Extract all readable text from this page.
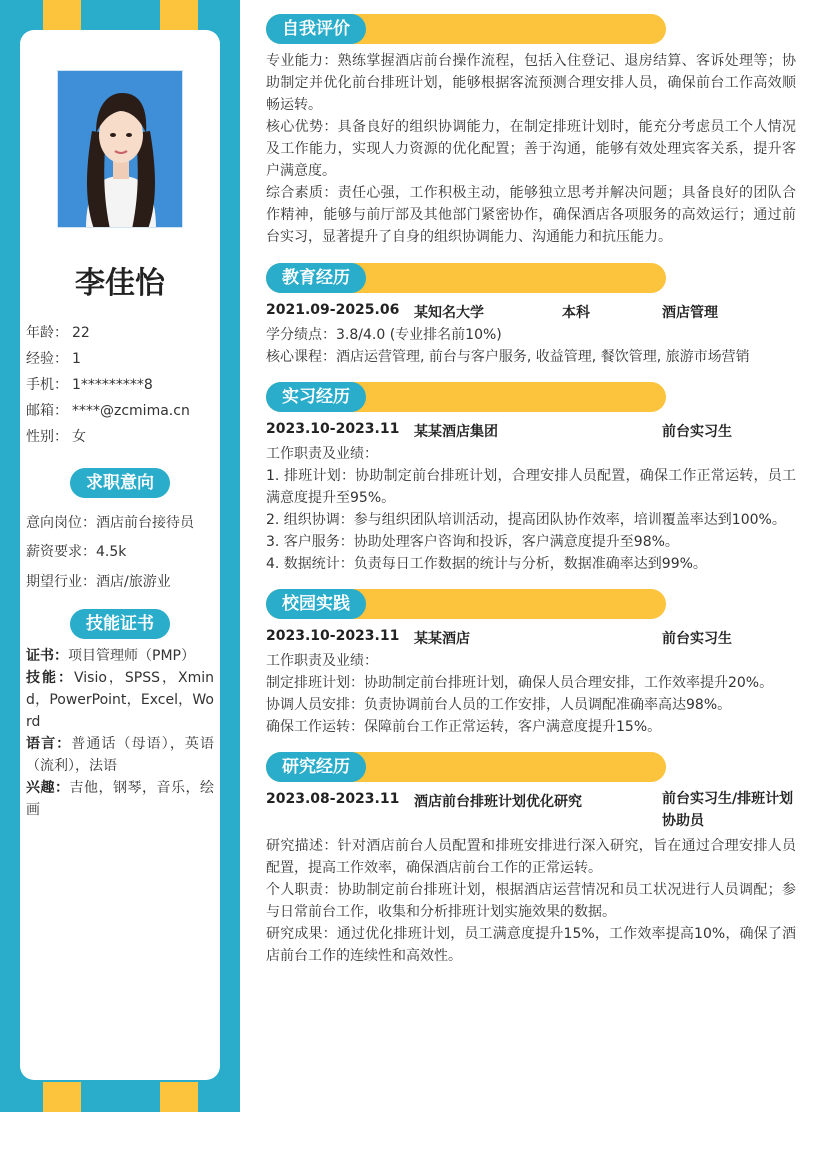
李佳怡
年龄： 22
经验： 1
手机： 1*********8
邮箱： ****@zcmima.cn
性别： 女
求职意向
意向岗位：酒店前台接待员
薪资要求：4.5k
期望行业：酒店/旅游业
技能证书
证书：项目管理师（PMP）
技能：Visio，SPSS，Xmind，PowerPoint，Excel，Word
语言：普通话（母语），英语（流利），法语
兴趣：吉他，钢琴，音乐，绘画
自我评价

专业能力：熟练掌握酒店前台操作流程，包括入住登记、退房结算、客诉处理等；协助制定并优化前台排班计划，能够根据客流预测合理安排人员，确保前台工作高效顺畅运转。

核心优势：具备良好的组织协调能力，在制定排班计划时，能充分考虑员工个人情况及工作能力，实现人力资源的优化配置；善于沟通，能够有效处理宾客关系，提升客户满意度。

综合素质：责任心强，工作积极主动，能够独立思考并解决问题；具备良好的团队合作精神，能够与前厅部及其他部门紧密协作，确保酒店各项服务的高效运行；通过前台实习，显著提升了自身的组织协调能力、沟通能力和抗压能力。

教育经历
2021.09-2025.06 某知名大学	本科	酒店管理

学分绩点：3.8/4.0 (专业排名前10%)

核心课程：酒店运营管理, 前台与客户服务, 收益管理, 餐饮管理, 旅游市场营销

实习经历
2023.10-2023.11 某某酒店集团	前台实习生

工作职责及业绩：

1. 排班计划：协助制定前台排班计划，合理安排人员配置，确保工作正常运转，员工满意度提升至95%。

2. 组织协调：参与组织团队培训活动，提高团队协作效率，培训覆盖率达到100%。

3. 客户服务：协助处理客户咨询和投诉，客户满意度提升至98%。

4. 数据统计：负责每日工作数据的统计与分析，数据准确率达到99%。

校园实践
2023.10-2023.11 某某酒店	前台实习生

工作职责及业绩：

制定排班计划：协助制定前台排班计划，确保人员合理安排，工作效率提升20%。

协调人员安排：负责协调前台人员的工作安排，人员调配准确率高达98%。

确保工作运转：保障前台工作正常运转，客户满意度提升15%。

研究经历
2023.08-2023.11 酒店前台排班计划优化研究	前台实习生/排班计划协助员

研究描述：针对酒店前台人员配置和排班安排进行深入研究，旨在通过合理安排人员配置，提高工作效率，确保酒店前台工作的正常运转。

个人职责：协助制定前台排班计划，根据酒店运营情况和员工状况进行人员调配；参与日常前台工作，收集和分析排班计划实施效果的数据。

研究成果：通过优化排班计划，员工满意度提升15%，工作效率提高10%，确保了酒店前台工作的连续性和高效性。
